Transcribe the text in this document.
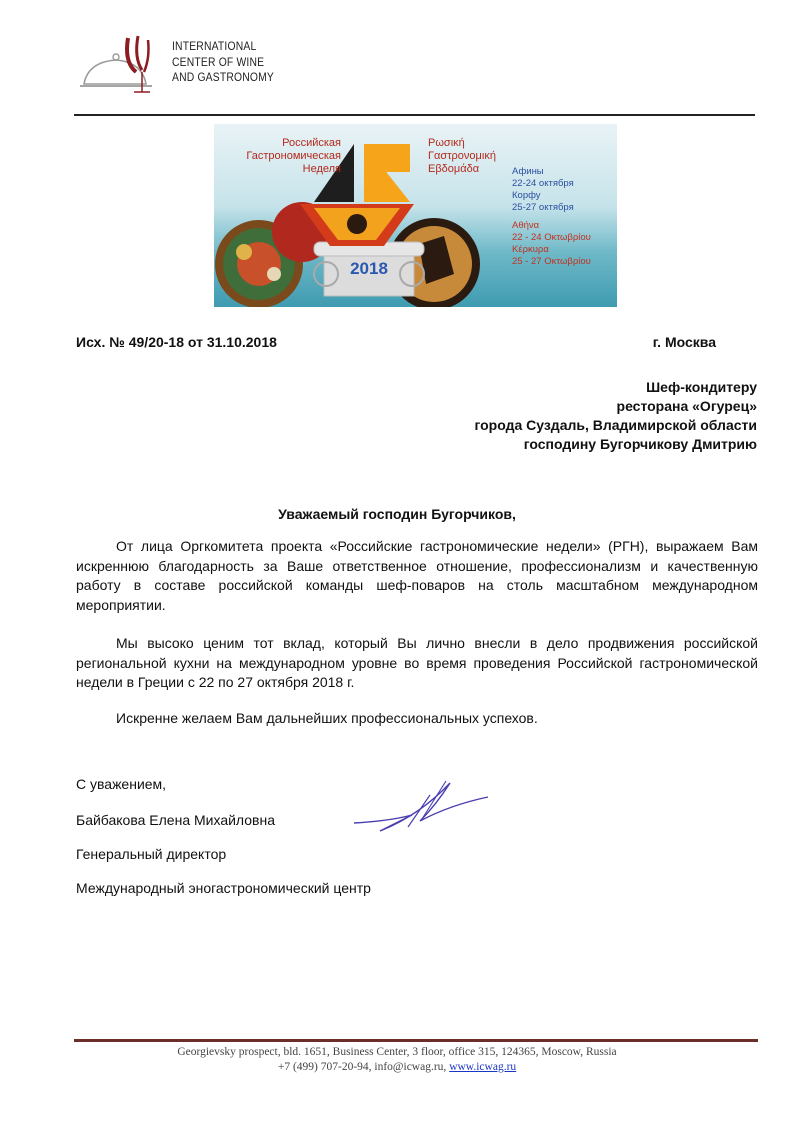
INTERNATIONAL
CENTER OF WINE
AND GASTRONOMY
Российская
Гастрономическая
Неделя
Ρωσική
Γαστρονομική
Εβδομάδα	Афины
22-24 октября
Корфу
25-27 октября
Αθήνα
22 - 24 Οκτωβρίου
Κέρκυρα
25 - 27 Οκτωβρίου
2018
Исх. № 49/20-18 от 31.10.2018	г. Москва
Шеф-кондитеру
ресторана «Огурец»
города Суздаль, Владимирской области
господину Бугорчикову Дмитрию
Уважаемый господин Бугорчиков,
От лица Оргкомитета проекта «Российские гастрономические недели» (РГН), выражаем Вам искреннюю благодарность за Ваше ответственное отношение, профессионализм и качественную работу в составе российской команды шеф-поваров на столь масштабном международном мероприятии.
Мы высоко ценим тот вклад, который Вы лично внесли в дело продвижения российской региональной кухни на международном уровне во время проведения Российской гастрономической недели в Греции с 22 по 27 октября 2018 г.
Искренне желаем Вам дальнейших профессиональных успехов.
С уважением,
Байбакова Елена Михайловна
Генеральный директор
Международный эногастрономический центр
Georgievsky prospect, bld. 1651, Business Center, 3 floor, office 315, 124365, Moscow, Russia
+7 (499) 707-20-94, info@icwag.ru, www.icwag.ru
